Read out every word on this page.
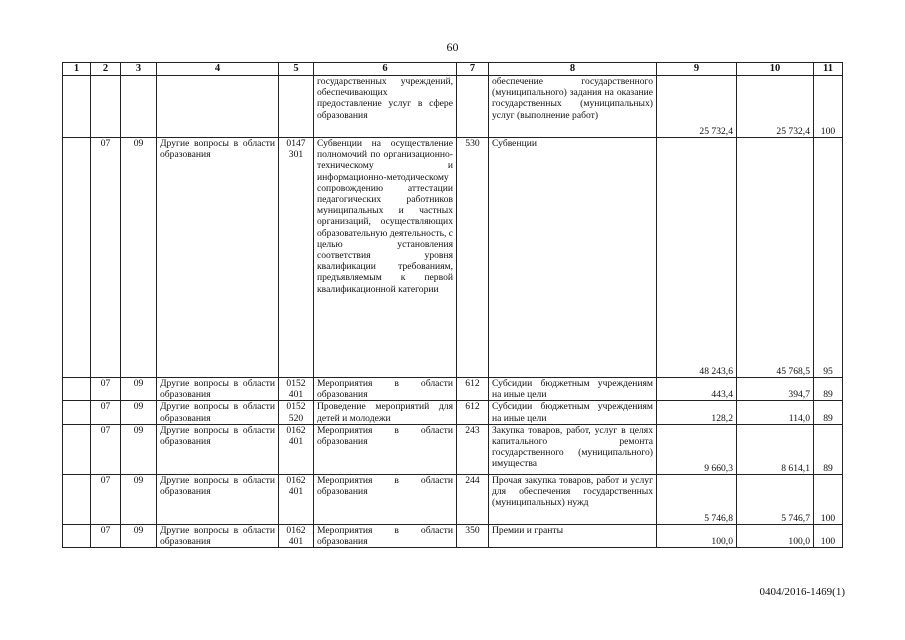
60
1	2	3	4	5	6	7	8	9	10	11
					государственных учреждений, обеспечивающих предоставление услуг в сфере образования		обеспечение государственного (муниципального) задания на оказание государственных (муниципальных) услуг (выполнение работ)	25 732,4	25 732,4	100
	07	09	Другие вопросы в области образования	0147 301	Субвенции на осуществление полномочий по организационно-техническому и информационно-методическому сопровождению аттестации педагогических работников муниципальных и частных организаций, осуществляющих образовательную деятельность, с целью установления соответствия уровня квалификации требованиям, предъявляемым к первой квалификационной категории	530	Субвенции	48 243,6	45 768,5	95
	07	09	Другие вопросы в области образования	0152 401	Мероприятия в области образования	612	Субсидии бюджетным учреждениям на иные цели	443,4	394,7	89
	07	09	Другие вопросы в области образования	0152 520	Проведение мероприятий для детей и молодежи	612	Субсидии бюджетным учреждениям на иные цели	128,2	114,0	89
	07	09	Другие вопросы в области образования	0162 401	Мероприятия в области образования	243	Закупка товаров, работ, услуг в целях капитального ремонта государственного (муниципального) имущества	9 660,3	8 614,1	89
	07	09	Другие вопросы в области образования	0162 401	Мероприятия в области образования	244	Прочая закупка товаров, работ и услуг для обеспечения государственных (муниципальных) нужд	5 746,8	5 746,7	100
	07	09	Другие вопросы в области образования	0162 401	Мероприятия в области образования	350	Премии и гранты	100,0	100,0	100
0404/2016-1469(1)
